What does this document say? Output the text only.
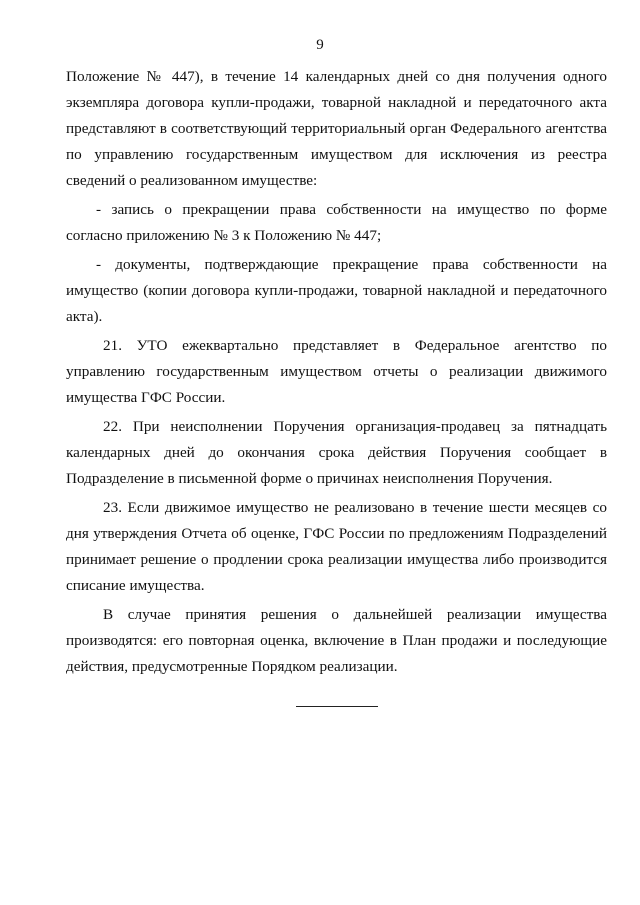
9

Положение № 447), в течение 14 календарных дней со дня получения одного экземпляра договора купли-продажи, товарной накладной и передаточного акта представляют в соответствующий территориальный орган Федерального агентства по управлению государственным имуществом для исключения из реестра сведений о реализованном имуществе:

- запись о прекращении права собственности на имущество по форме согласно приложению № 3 к Положению № 447;

- документы, подтверждающие прекращение права собственности на имущество (копии договора купли-продажи, товарной накладной и передаточного акта).

21. УТО ежеквартально представляет в Федеральное агентство по управлению государственным имуществом отчеты о реализации движимого имущества ГФС России.

22. При неисполнении Поручения организация-продавец за пятнадцать календарных дней до окончания срока действия Поручения сообщает в Подразделение в письменной форме о причинах неисполнения Поручения.

23. Если движимое имущество не реализовано в течение шести месяцев со дня утверждения Отчета об оценке, ГФС России по предложениям Подразделений принимает решение о продлении срока реализации имущества либо производится списание имущества.

В случае принятия решения о дальнейшей реализации имущества производятся: его повторная оценка, включение в План продажи и последующие действия, предусмотренные Порядком реализации.
